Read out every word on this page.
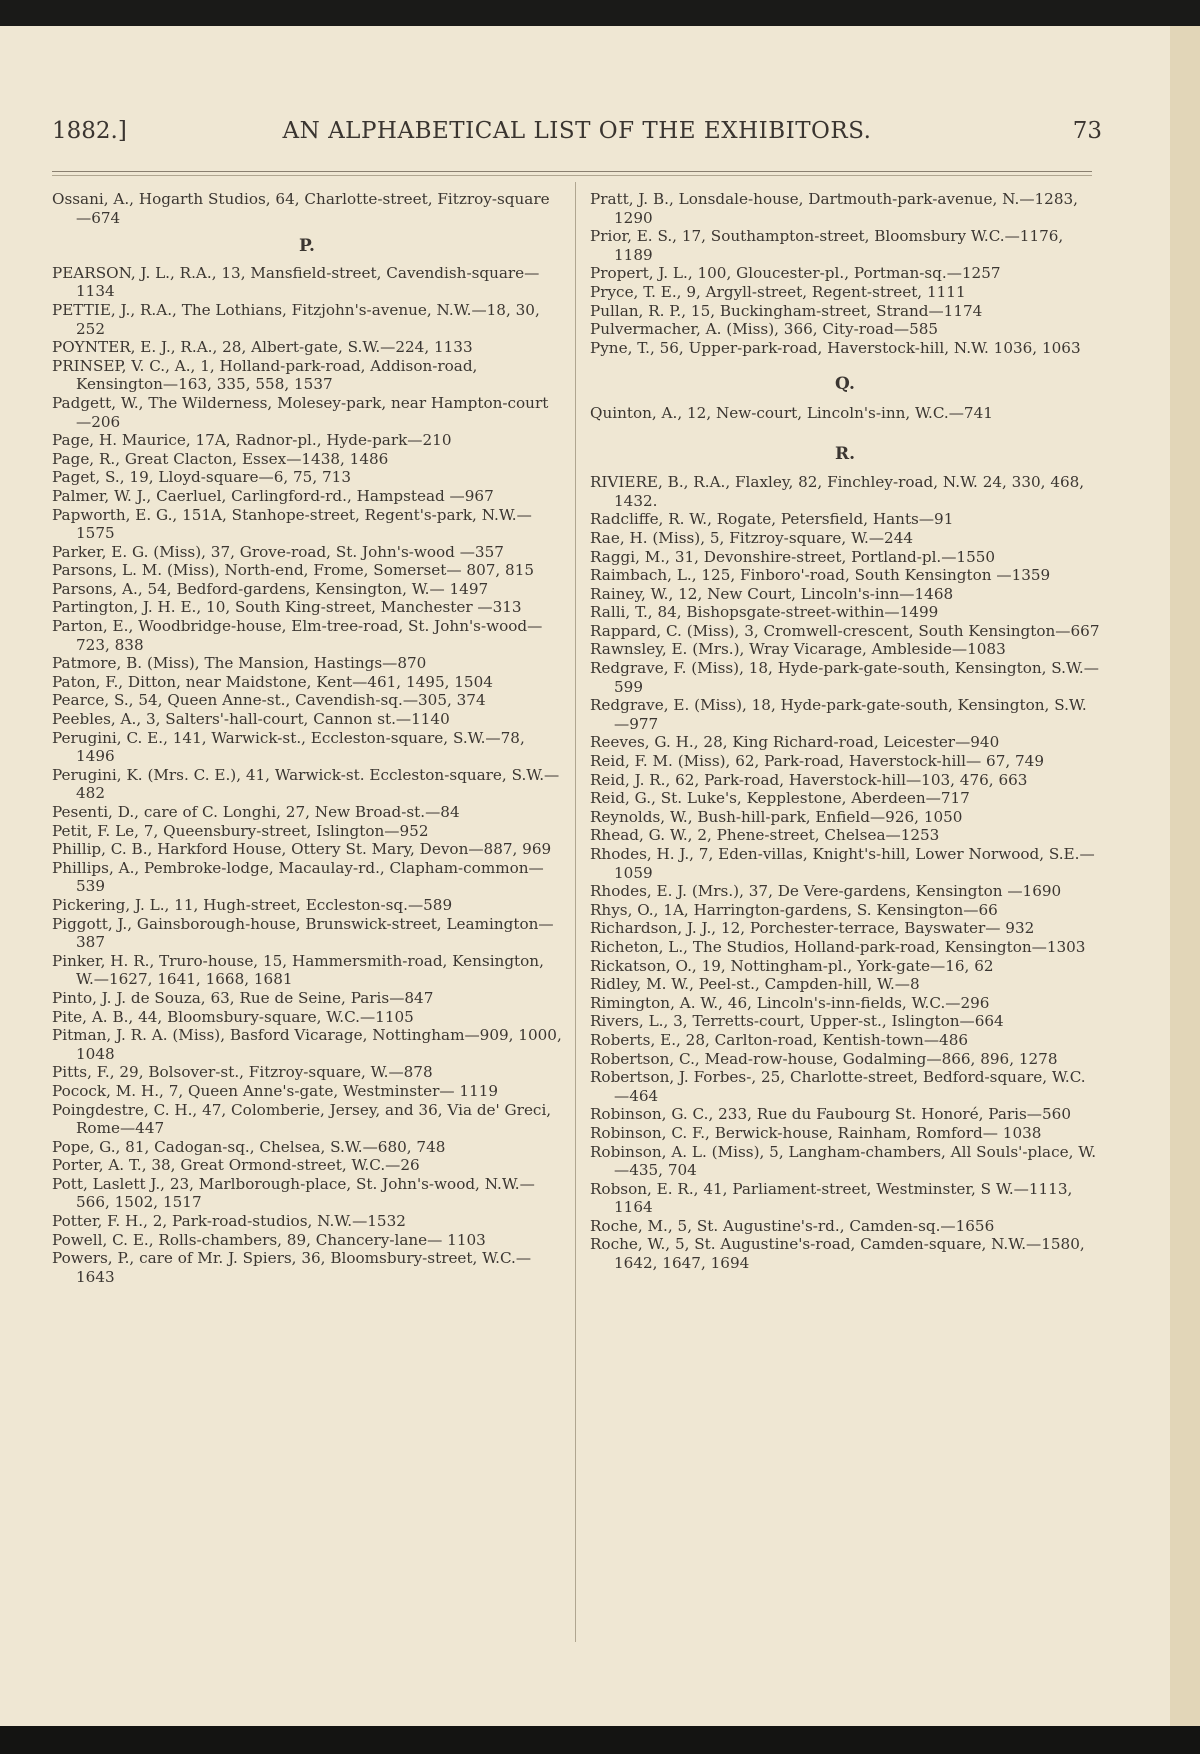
1882.]	AN ALPHABETICAL LIST OF THE EXHIBITORS.	73

Ossani, A., Hogarth Studios, 64, Charlotte-street, Fitzroy-square—674

P.

PEARSON, J. L., R.A., 13, Mansfield-street, Cavendish-square—1134

PETTIE, J., R.A., The Lothians, Fitzjohn's-avenue, N.W.—18, 30, 252

POYNTER, E. J., R.A., 28, Albert-gate, S.W.—224, 1133

PRINSEP, V. C., A., 1, Holland-park-road, Addison-road, Kensington—163, 335, 558, 1537

Padgett, W., The Wilderness, Molesey-park, near Hampton-court—206

Page, H. Maurice, 17A, Radnor-pl., Hyde-park—210

Page, R., Great Clacton, Essex—1438, 1486

Paget, S., 19, Lloyd-square—6, 75, 713

Palmer, W. J., Caerluel, Carlingford-rd., Hampstead —967

Papworth, E. G., 151A, Stanhope-street, Regent's-park, N.W.—1575

Parker, E. G. (Miss), 37, Grove-road, St. John's-wood —357

Parsons, L. M. (Miss), North-end, Frome, Somerset— 807, 815

Parsons, A., 54, Bedford-gardens, Kensington, W.— 1497

Partington, J. H. E., 10, South King-street, Manchester —313

Parton, E., Woodbridge-house, Elm-tree-road, St. John's-wood—723, 838

Patmore, B. (Miss), The Mansion, Hastings—870

Paton, F., Ditton, near Maidstone, Kent—461, 1495, 1504

Pearce, S., 54, Queen Anne-st., Cavendish-sq.—305, 374

Peebles, A., 3, Salters'-hall-court, Cannon st.—1140

Perugini, C. E., 141, Warwick-st., Eccleston-square, S.W.—78, 1496

Perugini, K. (Mrs. C. E.), 41, Warwick-st. Eccleston-square, S.W.—482

Pesenti, D., care of C. Longhi, 27, New Broad-st.—84

Petit, F. Le, 7, Queensbury-street, Islington—952

Phillip, C. B., Harkford House, Ottery St. Mary, Devon—887, 969

Phillips, A., Pembroke-lodge, Macaulay-rd., Clapham-common—539

Pickering, J. L., 11, Hugh-street, Eccleston-sq.—589

Piggott, J., Gainsborough-house, Brunswick-street, Leamington—387

Pinker, H. R., Truro-house, 15, Hammersmith-road, Kensington, W.—1627, 1641, 1668, 1681

Pinto, J. J. de Souza, 63, Rue de Seine, Paris—847

Pite, A. B., 44, Bloomsbury-square, W.C.—1105

Pitman, J. R. A. (Miss), Basford Vicarage, Nottingham—909, 1000, 1048

Pitts, F., 29, Bolsover-st., Fitzroy-square, W.—878

Pocock, M. H., 7, Queen Anne's-gate, Westminster— 1119

Poingdestre, C. H., 47, Colomberie, Jersey, and 36, Via de' Greci, Rome—447

Pope, G., 81, Cadogan-sq., Chelsea, S.W.—680, 748

Porter, A. T., 38, Great Ormond-street, W.C.—26

Pott, Laslett J., 23, Marlborough-place, St. John's-wood, N.W.—566, 1502, 1517

Potter, F. H., 2, Park-road-studios, N.W.—1532

Powell, C. E., Rolls-chambers, 89, Chancery-lane— 1103

Powers, P., care of Mr. J. Spiers, 36, Bloomsbury-street, W.C.—1643

Pratt, J. B., Lonsdale-house, Dartmouth-park-avenue, N.—1283, 1290

Prior, E. S., 17, Southampton-street, Bloomsbury W.C.—1176, 1189

Propert, J. L., 100, Gloucester-pl., Portman-sq.—1257

Pryce, T. E., 9, Argyll-street, Regent-street, 1111

Pullan, R. P., 15, Buckingham-street, Strand—1174

Pulvermacher, A. (Miss), 366, City-road—585

Pyne, T., 56, Upper-park-road, Haverstock-hill, N.W. 1036, 1063

Q.

Quinton, A., 12, New-court, Lincoln's-inn, W.C.—741

R.

RIVIERE, B., R.A., Flaxley, 82, Finchley-road, N.W. 24, 330, 468, 1432.

Radcliffe, R. W., Rogate, Petersfield, Hants—91

Rae, H. (Miss), 5, Fitzroy-square, W.—244

Raggi, M., 31, Devonshire-street, Portland-pl.—1550

Raimbach, L., 125, Finboro'-road, South Kensington —1359

Rainey, W., 12, New Court, Lincoln's-inn—1468

Ralli, T., 84, Bishopsgate-street-within—1499

Rappard, C. (Miss), 3, Cromwell-crescent, South Kensington—667

Rawnsley, E. (Mrs.), Wray Vicarage, Ambleside—1083

Redgrave, F. (Miss), 18, Hyde-park-gate-south, Kensington, S.W.—599

Redgrave, E. (Miss), 18, Hyde-park-gate-south, Kensington, S.W.—977

Reeves, G. H., 28, King Richard-road, Leicester—940

Reid, F. M. (Miss), 62, Park-road, Haverstock-hill— 67, 749

Reid, J. R., 62, Park-road, Haverstock-hill—103, 476, 663

Reid, G., St. Luke's, Kepplestone, Aberdeen—717

Reynolds, W., Bush-hill-park, Enfield—926, 1050

Rhead, G. W., 2, Phene-street, Chelsea—1253

Rhodes, H. J., 7, Eden-villas, Knight's-hill, Lower Norwood, S.E.—1059

Rhodes, E. J. (Mrs.), 37, De Vere-gardens, Kensington —1690

Rhys, O., 1A, Harrington-gardens, S. Kensington—66

Richardson, J. J., 12, Porchester-terrace, Bayswater— 932

Richeton, L., The Studios, Holland-park-road, Kensington—1303

Rickatson, O., 19, Nottingham-pl., York-gate—16, 62

Ridley, M. W., Peel-st., Campden-hill, W.—8

Rimington, A. W., 46, Lincoln's-inn-fields, W.C.—296

Rivers, L., 3, Terretts-court, Upper-st., Islington—664

Roberts, E., 28, Carlton-road, Kentish-town—486

Robertson, C., Mead-row-house, Godalming—866, 896, 1278

Robertson, J. Forbes-, 25, Charlotte-street, Bedford-square, W.C.—464

Robinson, G. C., 233, Rue du Faubourg St. Honoré, Paris—560

Robinson, C. F., Berwick-house, Rainham, Romford— 1038

Robinson, A. L. (Miss), 5, Langham-chambers, All Souls'-place, W.—435, 704

Robson, E. R., 41, Parliament-street, Westminster, S W.—1113, 1164

Roche, M., 5, St. Augustine's-rd., Camden-sq.—1656

Roche, W., 5, St. Augustine's-road, Camden-square, N.W.—1580, 1642, 1647, 1694
